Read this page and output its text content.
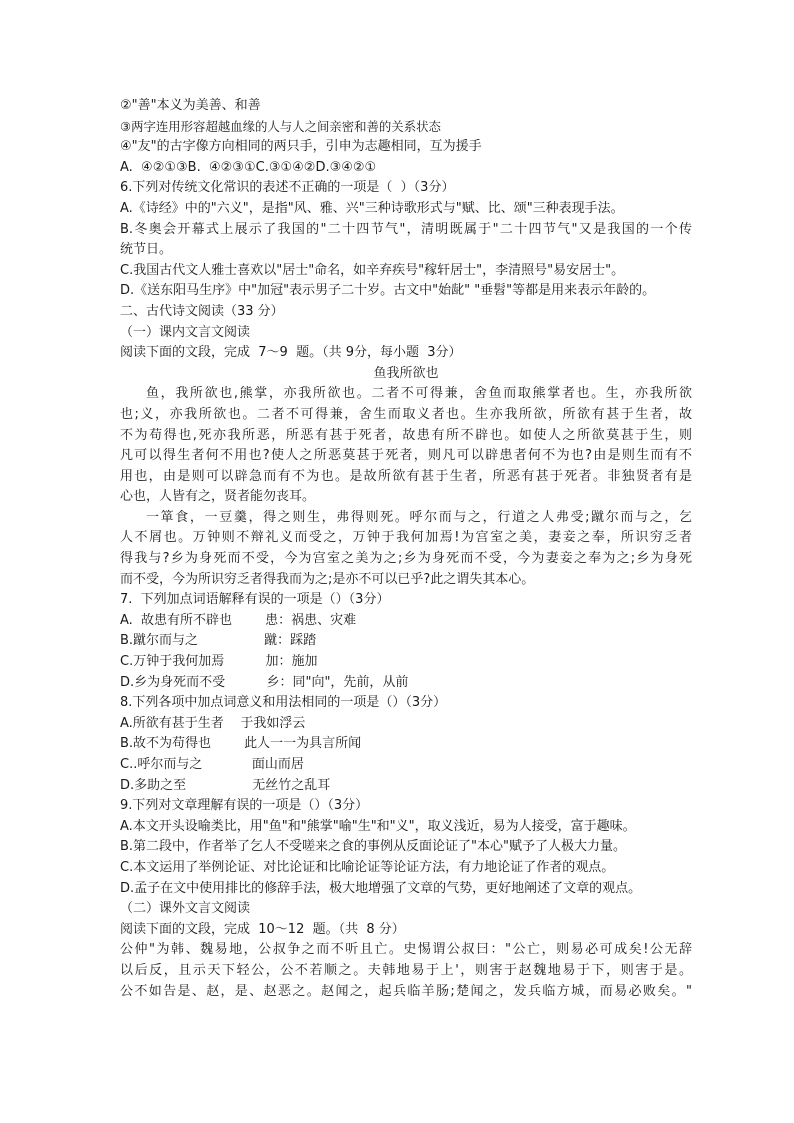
②"善"本义为美善、和善

③两字连用形容超越血缘的人与人之间亲密和善的关系状态

④"友"的古字像方向相同的两只手，引申为志趣相同，互为援手

A.  ④②①③B.  ④②③①C.③①④②D.③④②①

6.下列对传统文化常识的表述不正确的一项是（  ）（3分）

A.《诗经》中的"六义"，是指"风、雅、兴"三种诗歌形式与"赋、比、颂"三种表现手法。

B.冬奥会开幕式上展示了我国的"二十四节气"，清明既属于"二十四节气"又是我国的一个传

统节日。

C.我国古代文人雅士喜欢以"居士"命名，如辛弃疾号"稼轩居士"，李清照号"易安居士"。

D.《送东阳马生序》中"加冠"表示男子二十岁。古文中"始龀" "垂髫"等都是用来表示年龄的。

二、古代诗文阅读（33 分）

（一）课内文言文阅读

阅读下面的文段，完成  7～9  题。（共 9分，每小题  3分）

鱼我所欲也

鱼，我所欲也,熊掌，亦我所欲也。二者不可得兼，舍鱼而取熊掌者也。生，亦我所欲

也;义，亦我所欲也。二者不可得兼，舍生而取义者也。生亦我所欲，所欲有甚于生者，故

不为苟得也,死亦我所恶，所恶有甚于死者，故患有所不辟也。如使人之所欲莫甚于生，则

凡可以得生者何不用也?使人之所恶莫甚于死者，则凡可以辟患者何不为也?由是则生而有不

用也，由是则可以辟急而有不为也。是故所欲有甚于生者，所恶有甚于死者。非独贤者有是

心也，人皆有之，贤者能勿丧耳。

一箪食，一豆羹，得之则生，弗得则死。呼尔而与之，行道之人弗受;蹴尔而与之，乞

人不屑也。万钟则不辩礼义而受之，万钟于我何加焉!为宫室之美，妻妾之奉，所识穷乏者

得我与?乡为身死而不受，今为宫室之美为之;乡为身死而不受，今为妻妾之奉为之;乡为身死

而不受，今为所识穷乏者得我而为之;是亦不可以已乎?此之谓失其本心。

7.  下列加点词语解释有误的一项是（）（3分）

A.  故患有所不辟也        患：祸患、灾难

B.蹴尔而与之                蹴：踩踏

C.万钟于我何加焉          加：施加

D.乡为身死而不受          乡：同"向"，先前，从前

8.下列各项中加点词意义和用法相同的一项是（）（3分）

A.所欲有甚于生者    于我如浮云

B.故不为苟得也        此人一一为具言所闻

C..呼尔而与之            面山而居

D.多助之至                无丝竹之乱耳

9.下列对文章理解有误的一项是（）（3分）

A.本文开头设喻类比，用"鱼"和"熊掌"喻"生"和"义"，取义浅近，易为人接受，富于趣味。

B.第二段中，作者举了乞人不受嗟来之食的事例从反面论证了"本心"赋予了人极大力量。

C.本文运用了举例论证、对比论证和比喻论证等论证方法，有力地论证了作者的观点。

D.孟子在文中使用排比的修辞手法，极大地增强了文章的气势，更好地阐述了文章的观点。

（二）课外文言文阅读

阅读下面的文段，完成  10～12  题。（共  8 分）

公仲"为韩、魏易地，公叔争之而不听且亡。史惕谓公叔曰："公亡，则易必可成矣!公无辞

以后反，且示天下轻公，公不若顺之。夫韩地易于上'，则害于赵魏地易于下，则害于是。

公不如告是、赵，是、赵恶之。赵闻之，起兵临羊肠;楚闻之，发兵临方城，而易必败矣。"
